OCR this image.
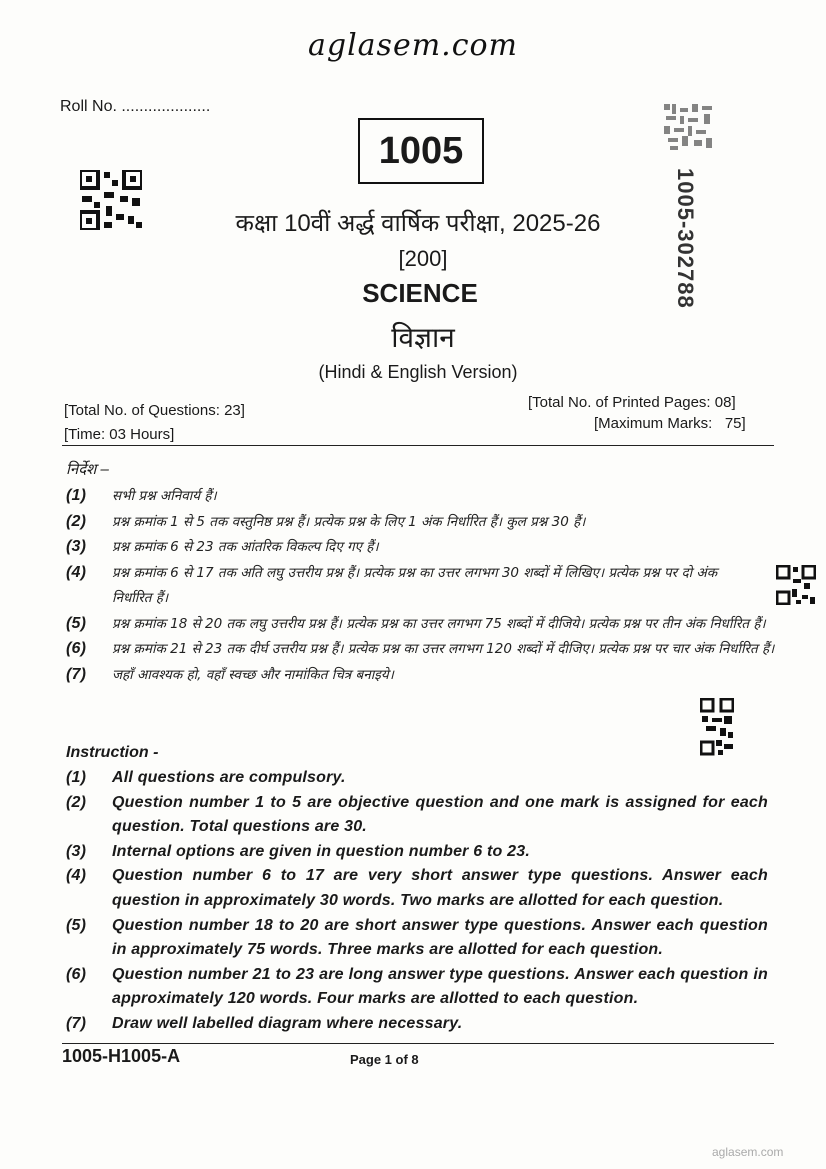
aglasem.com
Roll No. ....................
1005
1005-302788
कक्षा 10वीं अर्द्ध वार्षिक परीक्षा, 2025-26
[200]
SCIENCE
विज्ञान
(Hindi & English Version)
[Total No. of Questions: 23]
[Time: 03 Hours]
[Total No. of Printed Pages: 08]
[Maximum Marks:   75]
निर्देश –
(1)	सभी प्रश्न अनिवार्य हैं।
(2)	प्रश्न क्रमांक 1 से 5 तक वस्तुनिष्ठ प्रश्न हैं। प्रत्येक प्रश्न के लिए 1 अंक निर्धारित हैं। कुल प्रश्न 30 हैं।
(3)	प्रश्न क्रमांक 6 से 23 तक आंतरिक विकल्प दिए गए हैं।
(4)	प्रश्न क्रमांक 6 से 17 तक अति लघु उत्तरीय प्रश्न हैं। प्रत्येक प्रश्न का उत्तर लगभग 30 शब्दों में लिखिए। प्रत्येक प्रश्न पर दो अंक निर्धारित हैं।
(5)	प्रश्न क्रमांक 18 से 20 तक लघु उत्तरीय प्रश्न हैं। प्रत्येक प्रश्न का उत्तर लगभग 75 शब्दों में दीजिये। प्रत्येक प्रश्न पर तीन अंक निर्धारित हैं।
(6)	प्रश्न क्रमांक 21 से 23 तक दीर्घ उत्तरीय प्रश्न हैं। प्रत्येक प्रश्न का उत्तर लगभग 120 शब्दों में दीजिए। प्रत्येक प्रश्न पर चार अंक निर्धारित हैं।
(7)	जहाँ आवश्यक हो, वहाँ स्वच्छ और नामांकित चित्र बनाइये।
Instruction -
(1)	All questions are compulsory.
(2)	Question number 1 to 5 are objective question and one mark is assigned for each question. Total questions are 30.
(3)	Internal options are given in question number 6 to 23.
(4)	Question number 6 to 17 are very short answer type questions. Answer each question in approximately 30 words. Two marks are allotted for each question.
(5)	Question number 18 to 20 are short answer type questions. Answer each question in approximately 75 words. Three marks are allotted for each question.
(6)	Question number 21 to 23 are long answer type questions. Answer each question in approximately 120 words. Four marks are allotted to each question.
(7)	Draw well labelled diagram where necessary.
1005-H1005-A	Page 1 of 8
aglasem.com
